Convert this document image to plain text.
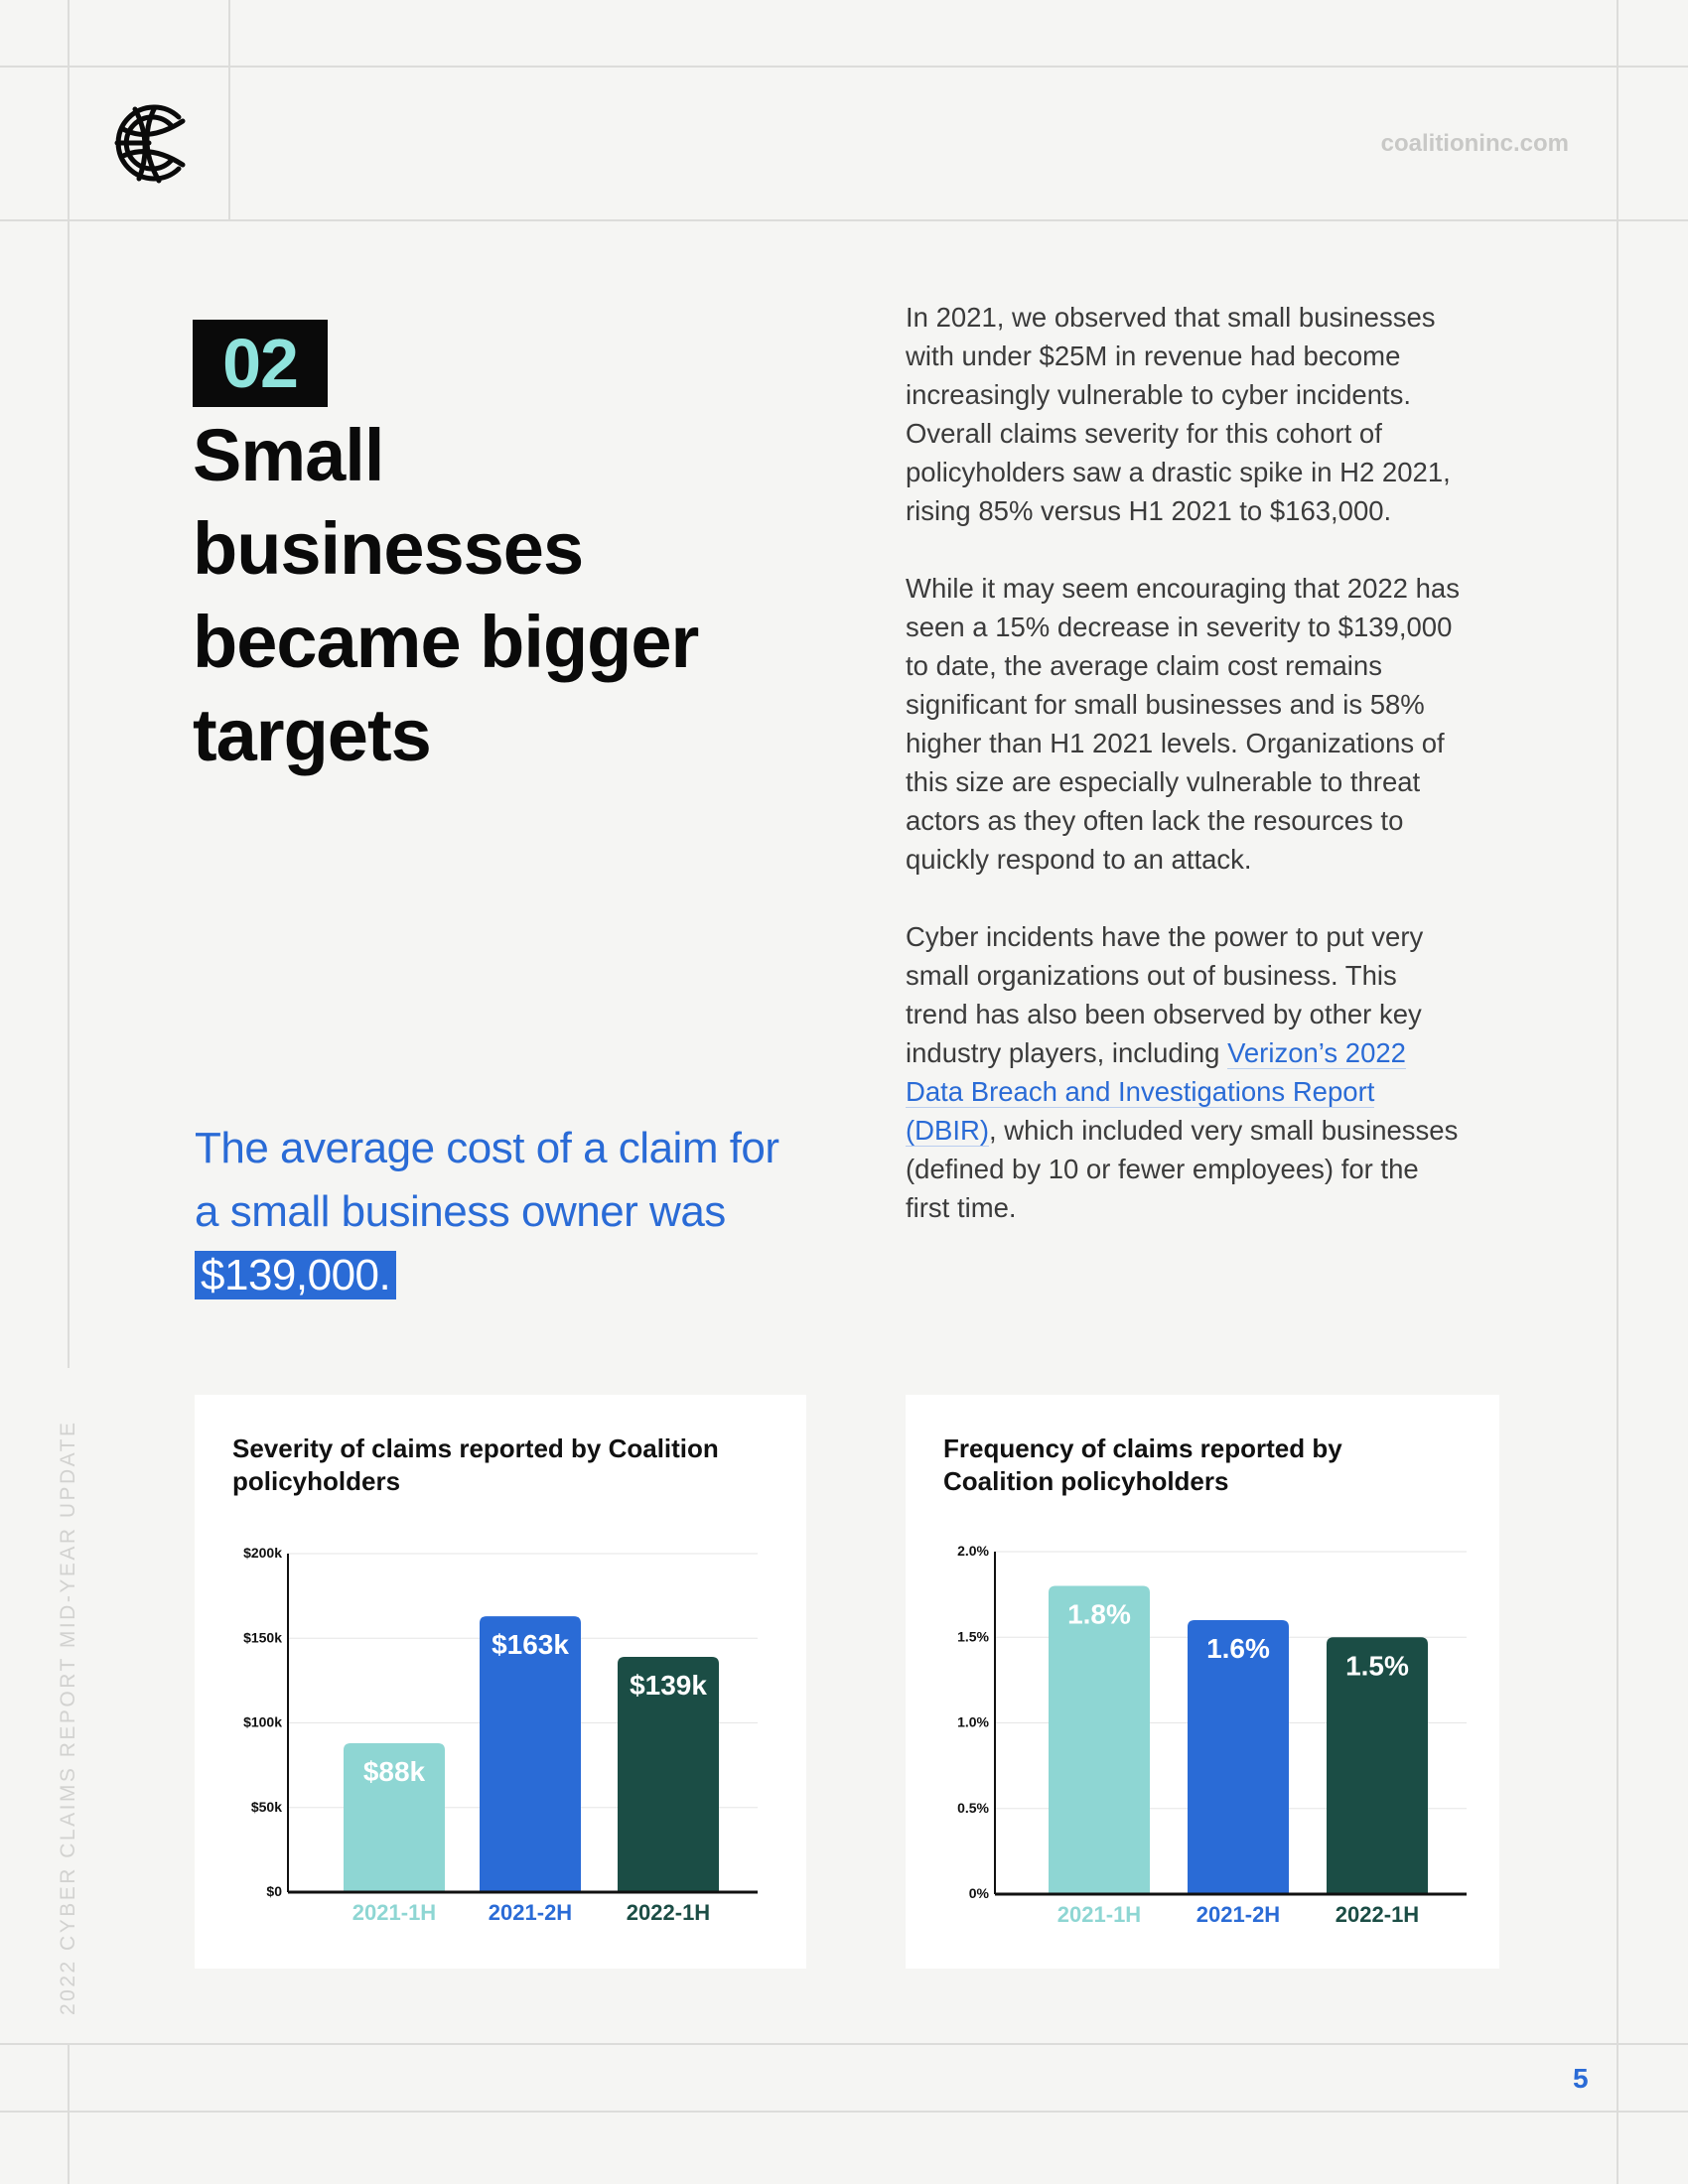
coalitioninc.com
02
Small businesses became bigger targets
The average cost of a claim for a small business owner was $139,000.

In 2021, we observed that small businesses with under $25M in revenue had become increasingly vulnerable to cyber incidents. Overall claims severity for this cohort of policyholders saw a drastic spike in H2 2021, rising 85% versus H1 2021 to $163,000.

While it may seem encouraging that 2022 has seen a 15% decrease in severity to $139,000 to date, the average claim cost remains significant for small businesses and is 58% higher than H1 2021 levels. Organizations of this size are especially vulnerable to threat actors as they often lack the resources to quickly respond to an attack.

Cyber incidents have the power to put very small organizations out of business. This trend has also been observed by other key industry players, including Verizon’s 2022 Data Breach and Investigations Report (DBIR), which included very small businesses (defined by 10 or fewer employees) for the first time.

$0
$50k
$100k
$150k
$200k
$88k
2021-1H
$163k
2021-2H
$139k
2022-1H
Severity of claims reported by Coalition policyholders
0%
0.5%
1.0%
1.5%
2.0%
1.8%
2021-1H
1.6%
2021-2H
1.5%
2022-1H
Frequency of claims reported by Coalition policyholders
2022 CYBER CLAIMS REPORT MID-YEAR UPDATE
5
